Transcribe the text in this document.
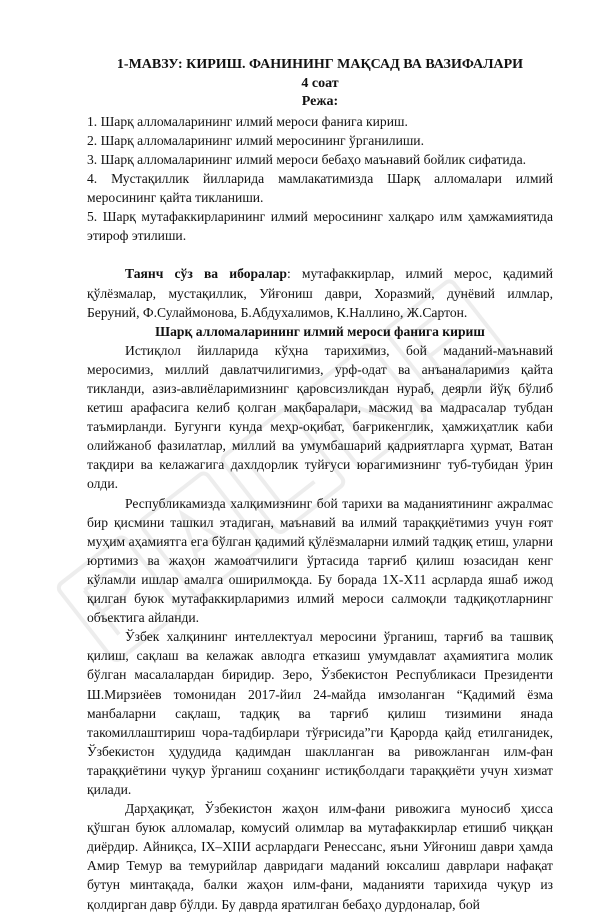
1-МАВЗУ: КИРИШ. ФАНИНИНГ МАҚСАД ВА ВАЗИФАЛАРИ

4 соат

Режа:

1. Шарқ алломаларининг илмий мероси фанига кириш.
2. Шарқ алломаларининг илмий меросининг ўрганилиши.
3. Шарқ алломаларининг илмий мероси бебаҳо маънавий бойлик сифатида.
4. Мустақиллик йилларида мамлакатимизда Шарқ алломалари илмий меросининг қайта тикланиши.
5. Шарқ мутафаккирларининг илмий меросининг халқаро илм ҳамжамиятида этироф этилиши.

Таянч сўз ва иборалар: мутафаккирлар, илмий мерос, қадимий қўлёзмалар, мустақиллик, Уйғониш даври, Хоразмий, дунёвий илмлар, Беруний, Ф.Сулаймонова, Б.Абдухалимов, К.Наллино, Ж.Сартон.

Шарқ алломаларининг илмий мероси фанига кириш

Истиқлол йилларида кўҳна тарихимиз, бой маданий-маънавий меросимиз, миллий давлатчилигимиз, урф-одат ва анъаналаримиз қайта тикланди, азиз-авлиёларимизнинг қаровсизликдан нураб, деярли йўқ бўлиб кетиш арафасига келиб қолган мақбаралари, масжид ва мадрасалар тубдан таъмирланди. Бугунги кунда меҳр-оқибат, бағрикенглик, ҳамжиҳатлик каби олийжаноб фазилатлар, миллий ва умумбашарий қадриятларга ҳурмат, Ватан тақдири ва келажагига дахлдорлик туйғуси юрагимизнинг туб-тубидан ўрин олди.

Республикамизда халқимизнинг бой тарихи ва маданиятининг ажралмас бир қисмини ташкил этадиган, маънавий ва илмий тараққиётимиз учун ғоят муҳим аҳамиятга ега бўлган қадимий қўлёзмаларни илмий тадқиқ етиш, уларни юртимиз ва жаҳон жамоатчилиги ўртасида тарғиб қилиш юзасидан кенг кўламли ишлар амалга оширилмоқда. Бу борада 1Х-Х11 асрларда яшаб ижод қилган буюк мутафаккирларимиз илмий мероси салмоқли тадқиқотларнинг объектига айланди.

Ўзбек халқининг интеллектуал меросини ўрганиш, тарғиб ва ташвиқ қилиш, сақлаш ва келажак авлодга етказиш умумдавлат аҳамиятига молик бўлган масалалардан биридир. Зеро, Ўзбекистон Республикаси Президенти Ш.Мирзиёев томонидан 2017-йил 24-майда имзоланган “Қадимий ёзма манбаларни сақлаш, тадқиқ ва тарғиб қилиш тизимини янада такомиллаштириш чора-тадбирлари тўғрисида”ги Қарорда қайд етилганидек, Ўзбекистон ҳудудида қадимдан шаклланган ва ривожланган илм-фан тараққиётини чуқур ўрганиш соҳанинг истиқболдаги тараққиёти учун хизмат қилади.

Дарҳақиқат, Ўзбекистон жаҳон илм-фани ривожига муносиб ҳисса қўшган буюк алломалар, комусий олимлар ва мутафаккирлар етишиб чиққан диёрдир. Айниқса, IX–XIIИ асрлардаги Ренессанс, яъни Уйғониш даври ҳамда Амир Темур ва темурийлар давридаги маданий юксалиш даврлари нафақат бутун минтақада, балки жаҳон илм-фани, маданияти тарихида чуқур из қолдирган давр бўлди. Бу даврда яратилган бебаҳо дурдоналар, бой
